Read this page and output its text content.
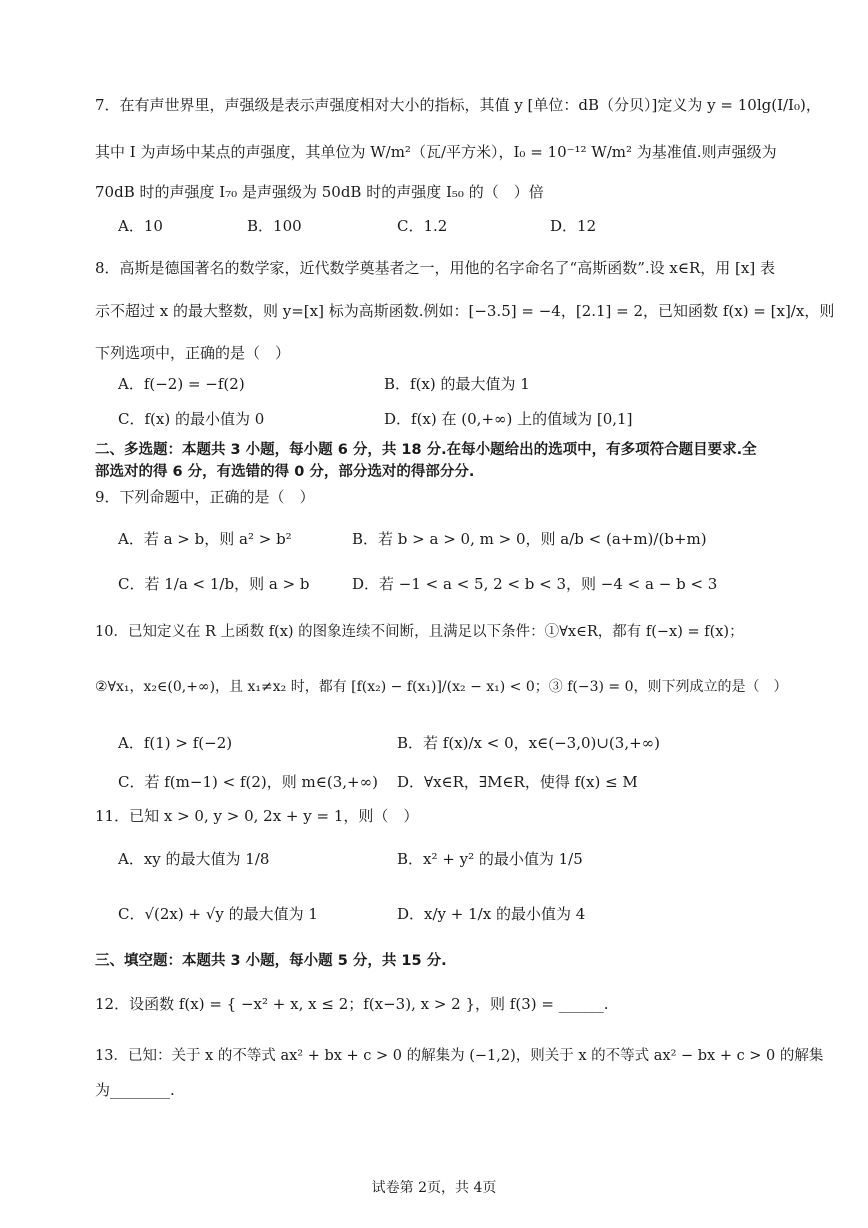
7．在有声世界里，声强级是表示声强度相对大小的指标，其值 y [单位：dB（分贝）]定义为 y = 10lg(I/I₀)，
其中 I 为声场中某点的声强度，其单位为 W/m²（瓦/平方米），I₀ = 10⁻¹² W/m² 为基准值.则声强级为
70dB 时的声强度 I₇₀ 是声强级为 50dB 时的声强度 I₅₀ 的（　）倍
A．10	B．100	C．1.2	D．12
8．高斯是德国著名的数学家，近代数学奠基者之一，用他的名字命名了“高斯函数”.设 x∈R，用 [x] 表
示不超过 x 的最大整数，则 y=[x] 标为高斯函数.例如：[−3.5] = −4，[2.1] = 2，已知函数 f(x) = [x]/x，则
下列选项中，正确的是（　）
A．f(−2) = −f(2)	B．f(x) 的最大值为 1
C．f(x) 的最小值为 0	D．f(x) 在 (0,+∞) 上的值域为 [0,1]
二、多选题：本题共 3 小题，每小题 6 分，共 18 分.在每小题给出的选项中，有多项符合题目要求.全
部选对的得 6 分，有选错的得 0 分，部分选对的得部分分.
9．下列命题中，正确的是（　）
A．若 a > b，则 a² > b²	B．若 b > a > 0, m > 0，则 a/b < (a+m)/(b+m)
C．若 1/a < 1/b，则 a > b	D．若 −1 < a < 5, 2 < b < 3，则 −4 < a − b < 3
10．已知定义在 R 上函数 f(x) 的图象连续不间断，且满足以下条件：①∀x∈R，都有 f(−x) = f(x)；
②∀x₁，x₂∈(0,+∞)，且 x₁≠x₂ 时，都有 [f(x₂) − f(x₁)]/(x₂ − x₁) < 0；③ f(−3) = 0，则下列成立的是（　）
A．f(1) > f(−2)	B．若 f(x)/x < 0，x∈(−3,0)∪(3,+∞)
C．若 f(m−1) < f(2)，则 m∈(3,+∞) D．∀x∈R，∃M∈R，使得 f(x) ≤ M
11．已知 x > 0, y > 0, 2x + y = 1，则（　）
A．xy 的最大值为 1/8	B．x² + y² 的最小值为 1/5
C．√(2x) + √y 的最大值为 1	D．x/y + 1/x 的最小值为 4
三、填空题：本题共 3 小题，每小题 5 分，共 15 分.
12．设函数 f(x) = { −x² + x, x ≤ 2；f(x−3), x > 2 }，则 f(3) = ______.
13．已知：关于 x 的不等式 ax² + bx + c > 0 的解集为 (−1,2)，则关于 x 的不等式 ax² − bx + c > 0 的解集
为________.
试卷第 2页，共 4页
